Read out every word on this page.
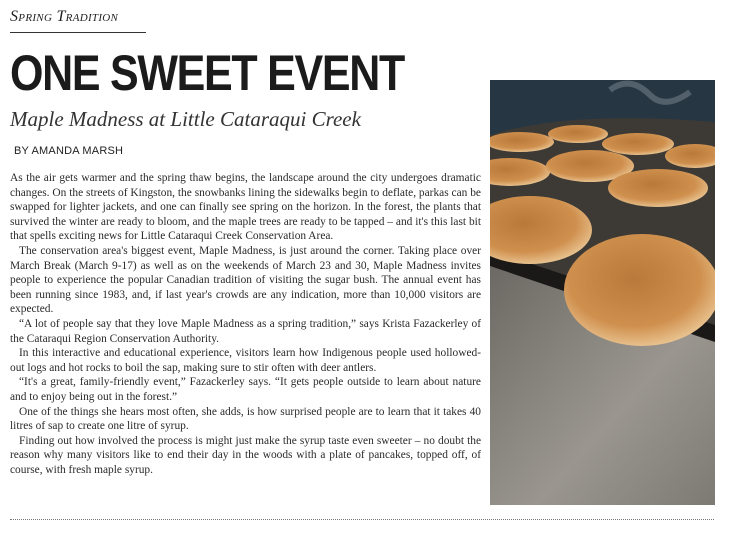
Spring Tradition
ONE SWEET EVENT
Maple Madness at Little Cataraqui Creek
BY AMANDA MARSH

As the air gets warmer and the spring thaw begins, the landscape around the city undergoes dramatic changes. On the streets of Kingston, the snowbanks lining the sidewalks begin to deflate, parkas can be swapped for lighter jackets, and one can finally see spring on the horizon. In the forest, the plants that survived the winter are ready to bloom, and the maple trees are ready to be tapped – and it's this last bit that spells exciting news for Little Cataraqui Creek Conservation Area.

The conservation area's biggest event, Maple Madness, is just around the corner. Taking place over March Break (March 9-17) as well as on the weekends of March 23 and 30, Maple Madness invites people to experience the popular Canadian tradition of visiting the sugar bush. The annual event has been running since 1983, and, if last year's crowds are any indication, more than 10,000 visitors are expected.

“A lot of people say that they love Maple Madness as a spring tradition,” says Krista Fazackerley of the Cataraqui Region Conservation Authority.

In this interactive and educational experience, visitors learn how Indigenous people used hollowed-out logs and hot rocks to boil the sap, making sure to stir often with deer antlers.

“It's a great, family-friendly event,” Fazackerley says. “It gets people outside to learn about nature and to enjoy being out in the forest.”

One of the things she hears most often, she adds, is how surprised people are to learn that it takes 40 litres of sap to create one litre of syrup.

Finding out how involved the process is might just make the syrup taste even sweeter – no doubt the reason why many visitors like to end their day in the woods with a plate of pancakes, topped off, of course, with fresh maple syrup.
